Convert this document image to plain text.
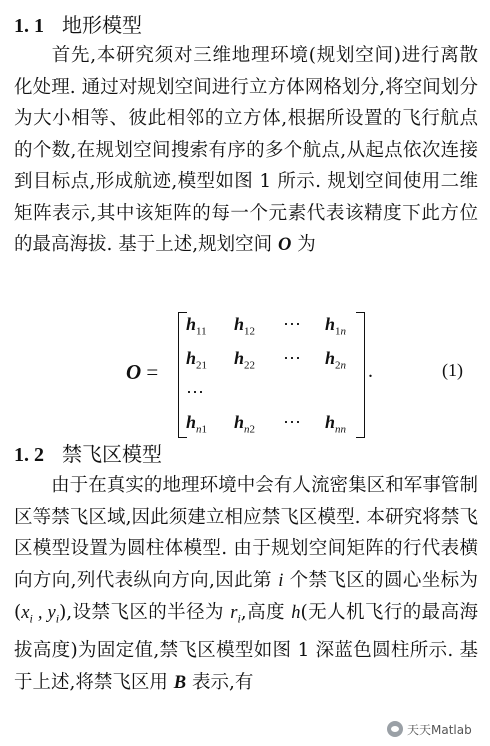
1. 1 地形模型

首先,本研究须对三维地理环境(规划空间)进行离散化处理. 通过对规划空间进行立方体网格划分,将空间划分为大小相等、彼此相邻的立方体,根据所设置的飞行航点的个数,在规划空间搜索有序的多个航点,从起点依次连接到目标点,形成航迹,模型如图 1 所示. 规划空间使用二维矩阵表示,其中该矩阵的每一个元素代表该精度下此方位的最高海拔. 基于上述,规划空间 O 为

O =
$h_{11}$ $h_{12}$ ⋯ $h_{1n}$
$h_{21}$ $h_{22}$ ⋯ $h_{2n}$
⋯
$h_{n1}$ $h_{n2}$ ⋯ $h_{nn}$
.	(1)
1. 2 禁飞区模型

由于在真实的地理环境中会有人流密集区和军事管制区等禁飞区域,因此须建立相应禁飞区模型. 本研究将禁飞区模型设置为圆柱体模型. 由于规划空间矩阵的行代表横向方向,列代表纵向方向,因此第 i 个禁飞区的圆心坐标为($x_i$ , $y_i$),设禁飞区的半径为 $r_i$,高度 h(无人机飞行的最高海拔高度)为固定值,禁飞区模型如图 1 深蓝色圆柱所示. 基于上述,将禁飞区用 B 表示,有

天天Matlab
